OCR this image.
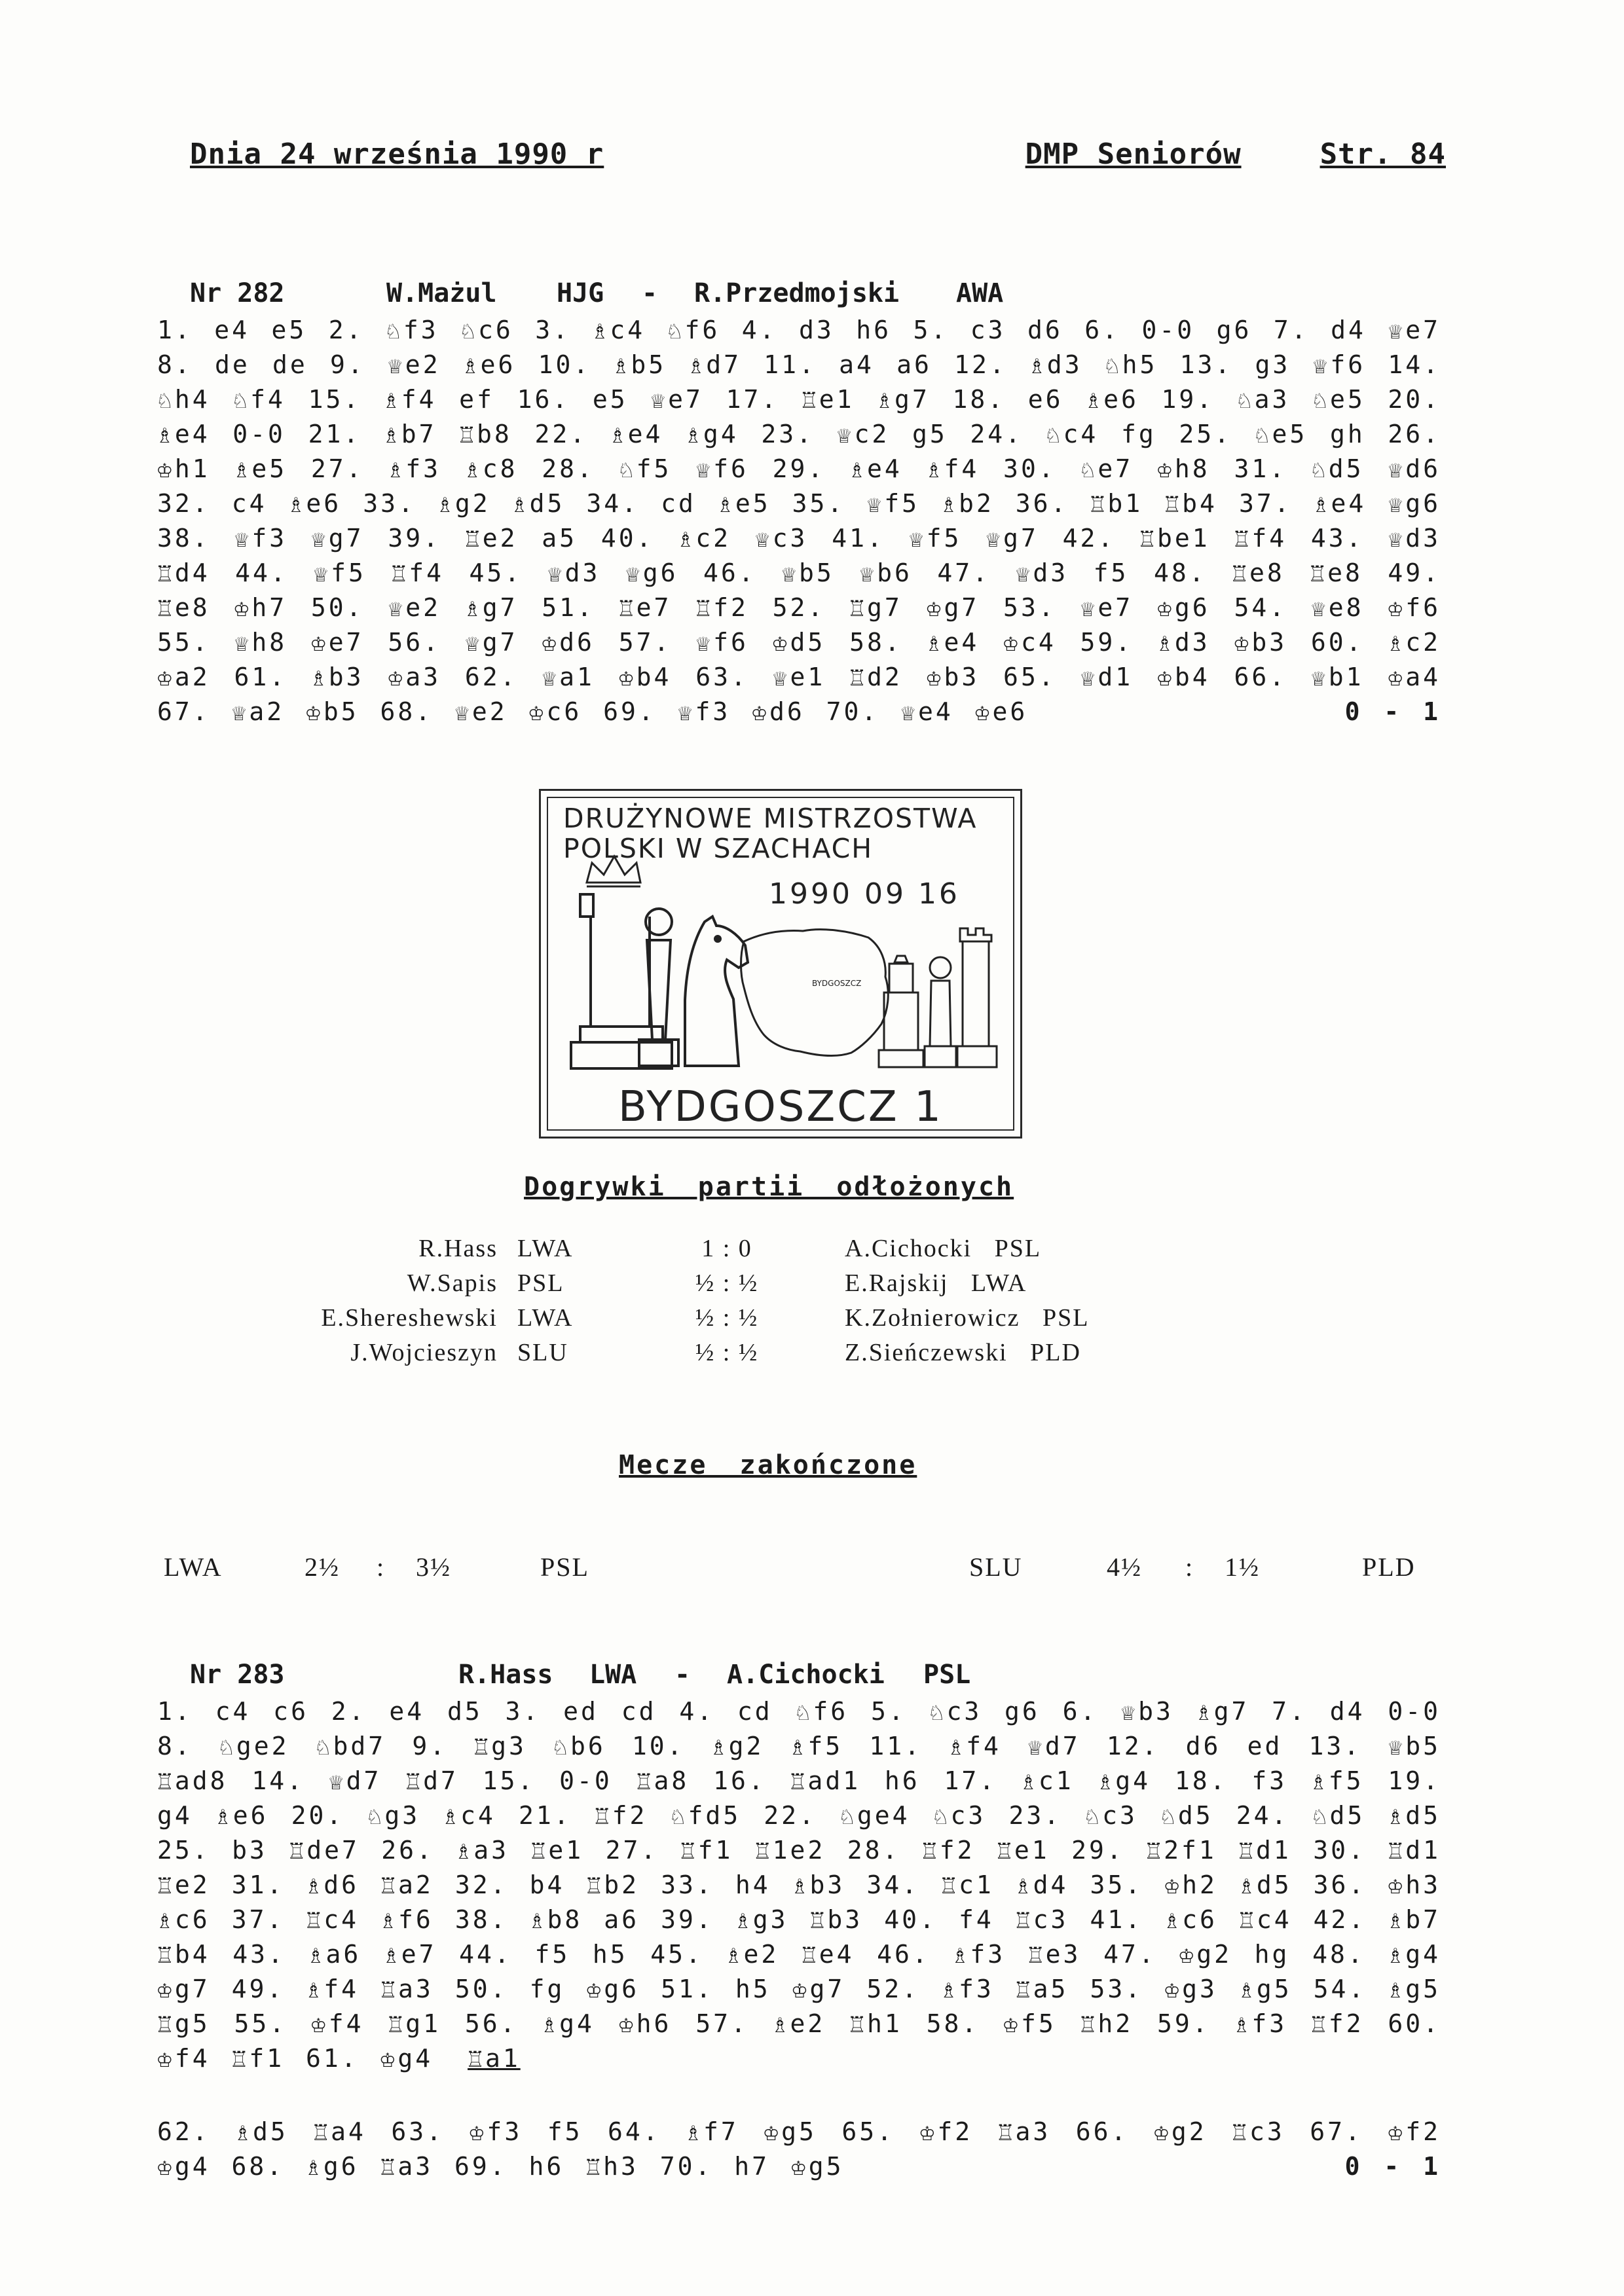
Dnia 24 września 1990 r	DMP Seniorów	Str. 84
Nr 282	W.Mażul	HJG	-	R.Przedmojski	AWA
1. e4 e5 2. ♘f3 ♘c6 3. ♗c4 ♘f6 4. d3 h6 5. c3 d6 6. 0-0 g6 7. d4 ♕e7 8. de de 9. ♕e2 ♗e6 10. ♗b5 ♗d7 11. a4 a6 12. ♗d3 ♘h5 13. g3 ♕f6 14. ♘h4 ♘f4 15. ♗f4 ef 16. e5 ♕e7 17. ♖e1 ♗g7 18. e6 ♗e6 19. ♘a3 ♘e5 20. ♗e4 0-0 21. ♗b7 ♖b8 22. ♗e4 ♗g4 23. ♕c2 g5 24. ♘c4 fg 25. ♘e5 gh 26. ♔h1 ♗e5 27. ♗f3 ♗c8 28. ♘f5 ♕f6 29. ♗e4 ♗f4 30. ♘e7 ♔h8 31. ♘d5 ♕d6 32. c4 ♗e6 33. ♗g2 ♗d5 34. cd ♗e5 35. ♕f5 ♗b2 36. ♖b1 ♖b4 37. ♗e4 ♕g6 38. ♕f3 ♕g7 39. ♖e2 a5 40. ♗c2 ♕c3 41. ♕f5 ♕g7 42. ♖be1 ♖f4 43. ♕d3 ♖d4 44. ♕f5 ♖f4 45. ♕d3 ♕g6 46. ♕b5 ♕b6 47. ♕d3 f5 48. ♖e8 ♖e8 49. ♖e8 ♔h7 50. ♕e2 ♗g7 51. ♖e7 ♖f2 52. ♖g7 ♔g7 53. ♕e7 ♔g6 54. ♕e8 ♔f6 55. ♕h8 ♔e7 56. ♕g7 ♔d6 57. ♕f6 ♔d5 58. ♗e4 ♔c4 59. ♗d3 ♔b3 60. ♗c2 ♔a2 61. ♗b3 ♔a3 62. ♕a1 ♔b4 63. ♕e1 ♖d2 ♔b3 65. ♕d1 ♔b4 66. ♕b1 ♔a4 67. ♕a2 ♔b5 68. ♕e2 ♔c6 69. ♕f3 ♔d6 70. ♕e4 ♔e6	0 - 1
DRUŻYNOWE MISTRZOSTWA
POLSKI W SZACHACH
1990 09 16
BYDGOSZCZ
BYDGOSZCZ 1
Dogrywki partii odłożonych
R.Hass LWA	1 : 0	A.Cichocki PSL
W.Sapis PSL	½ : ½	E.Rajskij LWA
E.Shereshewski LWA	½ : ½	K.Zołnierowicz PSL
J.Wojcieszyn SLU	½ : ½	Z.Sieńczewski PLD
Mecze zakończone
LWA	2½ : 3½	PSL	SLU	4½ : 1½	PLD
Nr 283	R.Hass	LWA	-	A.Cichocki	PSL
1. c4 c6 2. e4 d5 3. ed cd 4. cd ♘f6 5. ♘c3 g6 6. ♕b3 ♗g7 7. d4 0-0 8. ♘ge2 ♘bd7 9. ♖g3 ♘b6 10. ♗g2 ♗f5 11. ♗f4 ♕d7 12. d6 ed 13. ♕b5 ♖ad8 14. ♕d7 ♖d7 15. 0-0 ♖a8 16. ♖ad1 h6 17. ♗c1 ♗g4 18. f3 ♗f5 19. g4 ♗e6 20. ♘g3 ♗c4 21. ♖f2 ♘fd5 22. ♘ge4 ♘c3 23. ♘c3 ♘d5 24. ♘d5 ♗d5 25. b3 ♖de7 26. ♗a3 ♖e1 27. ♖f1 ♖1e2 28. ♖f2 ♖e1 29. ♖2f1 ♖d1 30. ♖d1 ♖e2 31. ♗d6 ♖a2 32. b4 ♖b2 33. h4 ♗b3 34. ♖c1 ♗d4 35. ♔h2 ♗d5 36. ♔h3 ♗c6 37. ♖c4 ♗f6 38. ♗b8 a6 39. ♗g3 ♖b3 40. f4 ♖c3 41. ♗c6 ♖c4 42. ♗b7 ♖b4 43. ♗a6 ♗e7 44. f5 h5 45. ♗e2 ♖e4 46. ♗f3 ♖e3 47. ♔g2 hg 48. ♗g4 ♔g7 49. ♗f4 ♖a3 50. fg ♔g6 51. h5 ♔g7 52. ♗f3 ♖a5 53. ♔g3 ♗g5 54. ♗g5 ♖g5 55. ♔f4 ♖g1 56. ♗g4 ♔h6 57. ♗e2 ♖h1 58. ♔f5 ♖h2 59. ♗f3 ♖f2 60. ♔f4 ♖f1 61. ♔g4 ♖a1
62. ♗d5 ♖a4 63. ♔f3 f5 64. ♗f7 ♔g5 65. ♔f2 ♖a3 66. ♔g2 ♖c3 67. ♔f2 ♔g4 68. ♗g6 ♖a3 69. h6 ♖h3 70. h7 ♔g5	0 - 1
